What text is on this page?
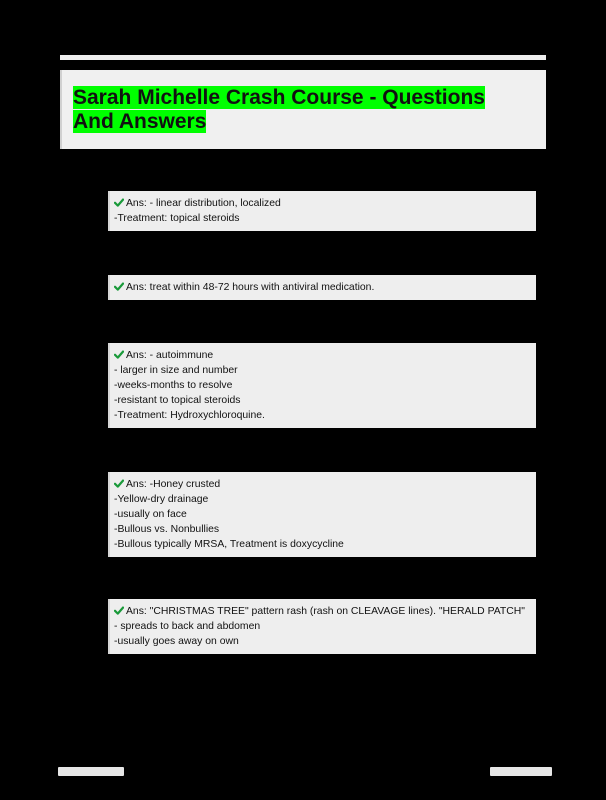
Sarah Michelle Crash Course - Questions And Answers
Ans: - linear distribution, localized
-Treatment: topical steroids
Ans: treat within 48-72 hours with antiviral medication.
Ans: - autoimmune
- larger in size and number
-weeks-months to resolve
-resistant to topical steroids
-Treatment: Hydroxychloroquine.
Ans: -Honey crusted
-Yellow-dry drainage
-usually on face
-Bullous vs. Nonbullies
-Bullous typically MRSA, Treatment is doxycycline
Ans: "CHRISTMAS TREE" pattern rash (rash on CLEAVAGE lines). "HERALD PATCH" - spreads to back and abdomen
-usually goes away on own
